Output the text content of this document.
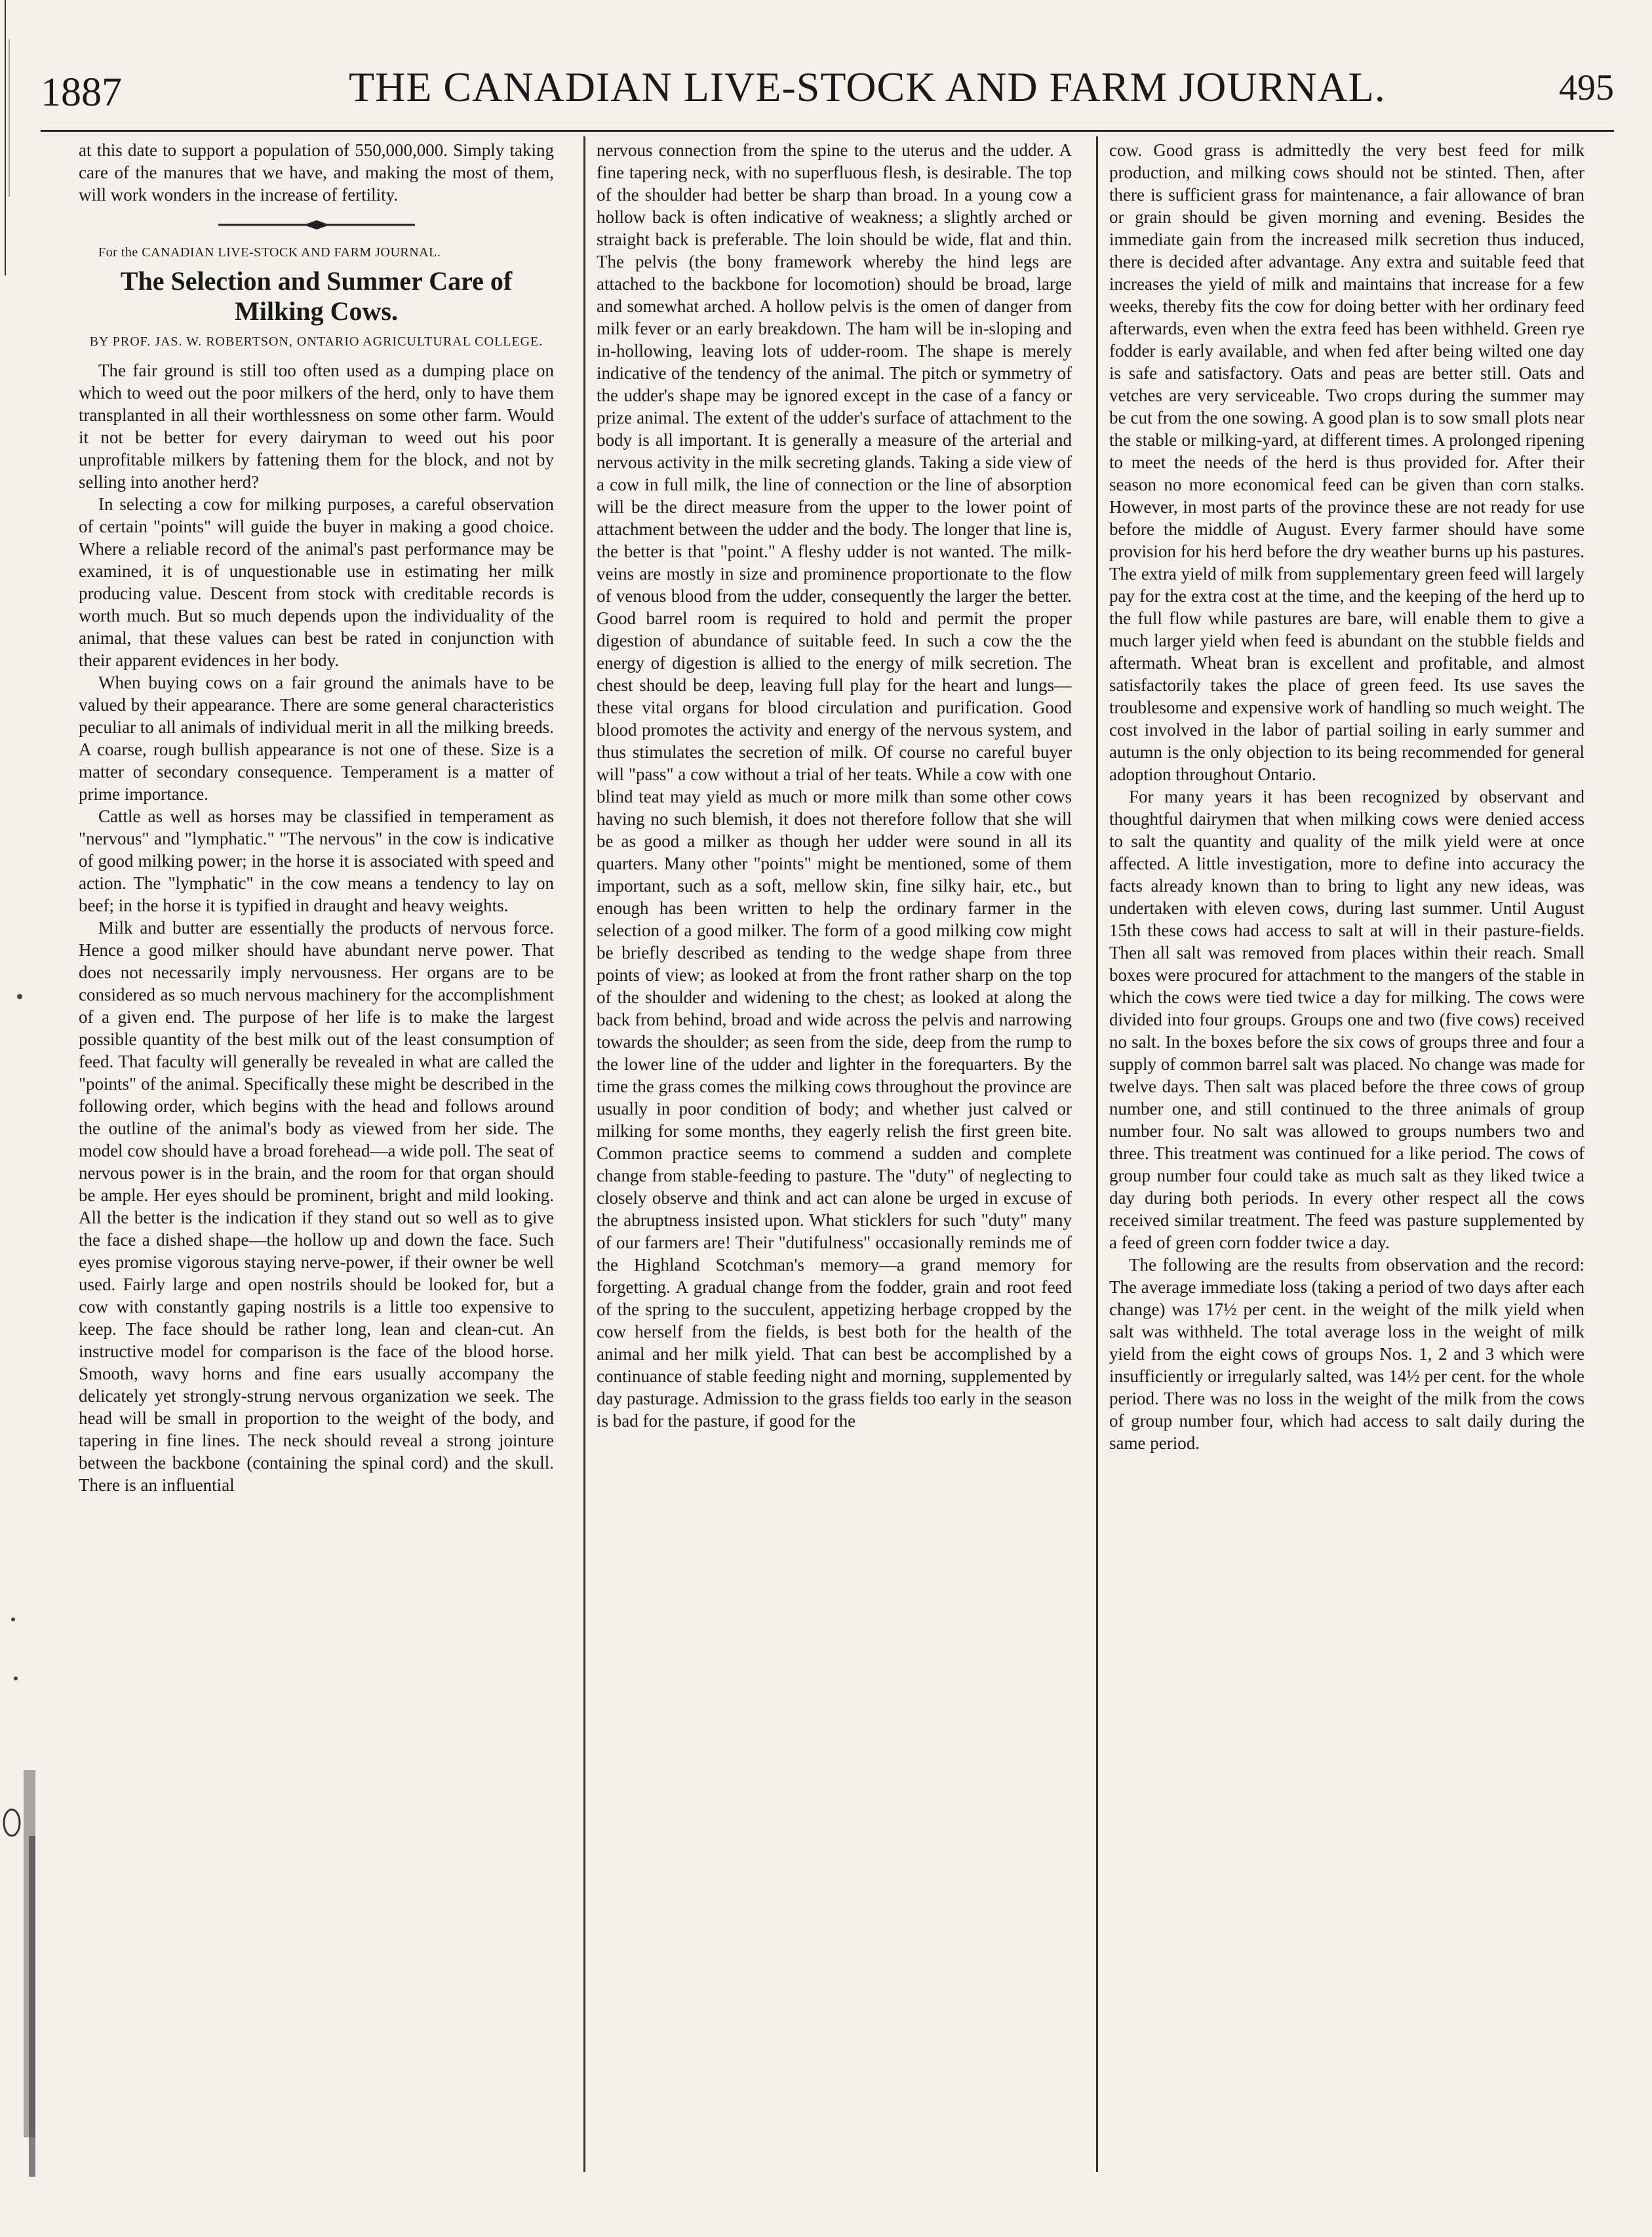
1887	THE CANADIAN LIVE-STOCK AND FARM JOURNAL.	495

at this date to support a population of 550,000,000. Simply taking care of the manures that we have, and making the most of them, will work wonders in the increase of fertility.

For the CANADIAN LIVE-STOCK AND FARM JOURNAL.

The Selection and Summer Care of Milking Cows.
BY PROF. JAS. W. ROBERTSON, ONTARIO AGRICULTURAL COLLEGE.

The fair ground is still too often used as a dumping place on which to weed out the poor milkers of the herd, only to have them transplanted in all their worthlessness on some other farm. Would it not be better for every dairyman to weed out his poor unprofitable milkers by fattening them for the block, and not by selling into another herd?

In selecting a cow for milking purposes, a careful observation of certain "points" will guide the buyer in making a good choice. Where a reliable record of the animal's past performance may be examined, it is of unquestionable use in estimating her milk producing value. Descent from stock with creditable records is worth much. But so much depends upon the individuality of the animal, that these values can best be rated in conjunction with their apparent evidences in her body.

When buying cows on a fair ground the animals have to be valued by their appearance. There are some general characteristics peculiar to all animals of individual merit in all the milking breeds. A coarse, rough bullish appearance is not one of these. Size is a matter of secondary consequence. Temperament is a matter of prime importance.

Cattle as well as horses may be classified in temperament as "nervous" and "lymphatic." "The nervous" in the cow is indicative of good milking power; in the horse it is associated with speed and action. The "lymphatic" in the cow means a tendency to lay on beef; in the horse it is typified in draught and heavy weights.

Milk and butter are essentially the products of nervous force. Hence a good milker should have abundant nerve power. That does not necessarily imply nervousness. Her organs are to be considered as so much nervous machinery for the accomplishment of a given end. The purpose of her life is to make the largest possible quantity of the best milk out of the least consumption of feed. That faculty will generally be revealed in what are called the "points" of the animal. Specifically these might be described in the following order, which begins with the head and follows around the outline of the animal's body as viewed from her side. The model cow should have a broad forehead—a wide poll. The seat of nervous power is in the brain, and the room for that organ should be ample. Her eyes should be prominent, bright and mild looking. All the better is the indication if they stand out so well as to give the face a dished shape—the hollow up and down the face. Such eyes promise vigorous staying nerve-power, if their owner be well used. Fairly large and open nostrils should be looked for, but a cow with constantly gaping nostrils is a little too expensive to keep. The face should be rather long, lean and clean-cut. An instructive model for comparison is the face of the blood horse. Smooth, wavy horns and fine ears usually accompany the delicately yet strongly-strung nervous organization we seek. The head will be small in proportion to the weight of the body, and tapering in fine lines. The neck should reveal a strong jointure between the backbone (containing the spinal cord) and the skull. There is an influential

nervous connection from the spine to the uterus and the udder. A fine tapering neck, with no superfluous flesh, is desirable. The top of the shoulder had better be sharp than broad. In a young cow a hollow back is often indicative of weakness; a slightly arched or straight back is preferable. The loin should be wide, flat and thin. The pelvis (the bony framework whereby the hind legs are attached to the backbone for locomotion) should be broad, large and somewhat arched. A hollow pelvis is the omen of danger from milk fever or an early breakdown. The ham will be in-sloping and in-hollowing, leaving lots of udder-room. The shape is merely indicative of the tendency of the animal. The pitch or symmetry of the udder's shape may be ignored except in the case of a fancy or prize animal. The extent of the udder's surface of attachment to the body is all important. It is generally a measure of the arterial and nervous activity in the milk secreting glands. Taking a side view of a cow in full milk, the line of connection or the line of absorption will be the direct measure from the upper to the lower point of attachment between the udder and the body. The longer that line is, the better is that "point." A fleshy udder is not wanted. The milk-veins are mostly in size and prominence proportionate to the flow of venous blood from the udder, consequently the larger the better. Good barrel room is required to hold and permit the proper digestion of abundance of suitable feed. In such a cow the the energy of digestion is allied to the energy of milk secretion. The chest should be deep, leaving full play for the heart and lungs—these vital organs for blood circulation and purification. Good blood promotes the activity and energy of the nervous system, and thus stimulates the secretion of milk. Of course no careful buyer will "pass" a cow without a trial of her teats. While a cow with one blind teat may yield as much or more milk than some other cows having no such blemish, it does not therefore follow that she will be as good a milker as though her udder were sound in all its quarters. Many other "points" might be mentioned, some of them important, such as a soft, mellow skin, fine silky hair, etc., but enough has been written to help the ordinary farmer in the selection of a good milker. The form of a good milking cow might be briefly described as tending to the wedge shape from three points of view; as looked at from the front rather sharp on the top of the shoulder and widening to the chest; as looked at along the back from behind, broad and wide across the pelvis and narrowing towards the shoulder; as seen from the side, deep from the rump to the lower line of the udder and lighter in the forequarters. By the time the grass comes the milking cows throughout the province are usually in poor condition of body; and whether just calved or milking for some months, they eagerly relish the first green bite. Common practice seems to commend a sudden and complete change from stable-feeding to pasture. The "duty" of neglecting to closely observe and think and act can alone be urged in excuse of the abruptness insisted upon. What sticklers for such "duty" many of our farmers are! Their "dutifulness" occasionally reminds me of the Highland Scotchman's memory—a grand memory for forgetting. A gradual change from the fodder, grain and root feed of the spring to the succulent, appetizing herbage cropped by the cow herself from the fields, is best both for the health of the animal and her milk yield. That can best be accomplished by a continuance of stable feeding night and morning, supplemented by day pasturage. Admission to the grass fields too early in the season is bad for the pasture, if good for the

cow. Good grass is admittedly the very best feed for milk production, and milking cows should not be stinted. Then, after there is sufficient grass for maintenance, a fair allowance of bran or grain should be given morning and evening. Besides the immediate gain from the increased milk secretion thus induced, there is decided after advantage. Any extra and suitable feed that increases the yield of milk and maintains that increase for a few weeks, thereby fits the cow for doing better with her ordinary feed afterwards, even when the extra feed has been withheld. Green rye fodder is early available, and when fed after being wilted one day is safe and satisfactory. Oats and peas are better still. Oats and vetches are very serviceable. Two crops during the summer may be cut from the one sowing. A good plan is to sow small plots near the stable or milking-yard, at different times. A prolonged ripening to meet the needs of the herd is thus provided for. After their season no more economical feed can be given than corn stalks. However, in most parts of the province these are not ready for use before the middle of August. Every farmer should have some provision for his herd before the dry weather burns up his pastures. The extra yield of milk from supplementary green feed will largely pay for the extra cost at the time, and the keeping of the herd up to the full flow while pastures are bare, will enable them to give a much larger yield when feed is abundant on the stubble fields and aftermath. Wheat bran is excellent and profitable, and almost satisfactorily takes the place of green feed. Its use saves the troublesome and expensive work of handling so much weight. The cost involved in the labor of partial soiling in early summer and autumn is the only objection to its being recommended for general adoption throughout Ontario.

For many years it has been recognized by observant and thoughtful dairymen that when milking cows were denied access to salt the quantity and quality of the milk yield were at once affected. A little investigation, more to define into accuracy the facts already known than to bring to light any new ideas, was undertaken with eleven cows, during last summer. Until August 15th these cows had access to salt at will in their pasture-fields. Then all salt was removed from places within their reach. Small boxes were procured for attachment to the mangers of the stable in which the cows were tied twice a day for milking. The cows were divided into four groups. Groups one and two (five cows) received no salt. In the boxes before the six cows of groups three and four a supply of common barrel salt was placed. No change was made for twelve days. Then salt was placed before the three cows of group number one, and still continued to the three animals of group number four. No salt was allowed to groups numbers two and three. This treatment was continued for a like period. The cows of group number four could take as much salt as they liked twice a day during both periods. In every other respect all the cows received similar treatment. The feed was pasture supplemented by a feed of green corn fodder twice a day.

The following are the results from observation and the record: The average immediate loss (taking a period of two days after each change) was 17½ per cent. in the weight of the milk yield when salt was withheld. The total average loss in the weight of milk yield from the eight cows of groups Nos. 1, 2 and 3 which were insufficiently or irregularly salted, was 14½ per cent. for the whole period. There was no loss in the weight of the milk from the cows of group number four, which had access to salt daily during the same period.
